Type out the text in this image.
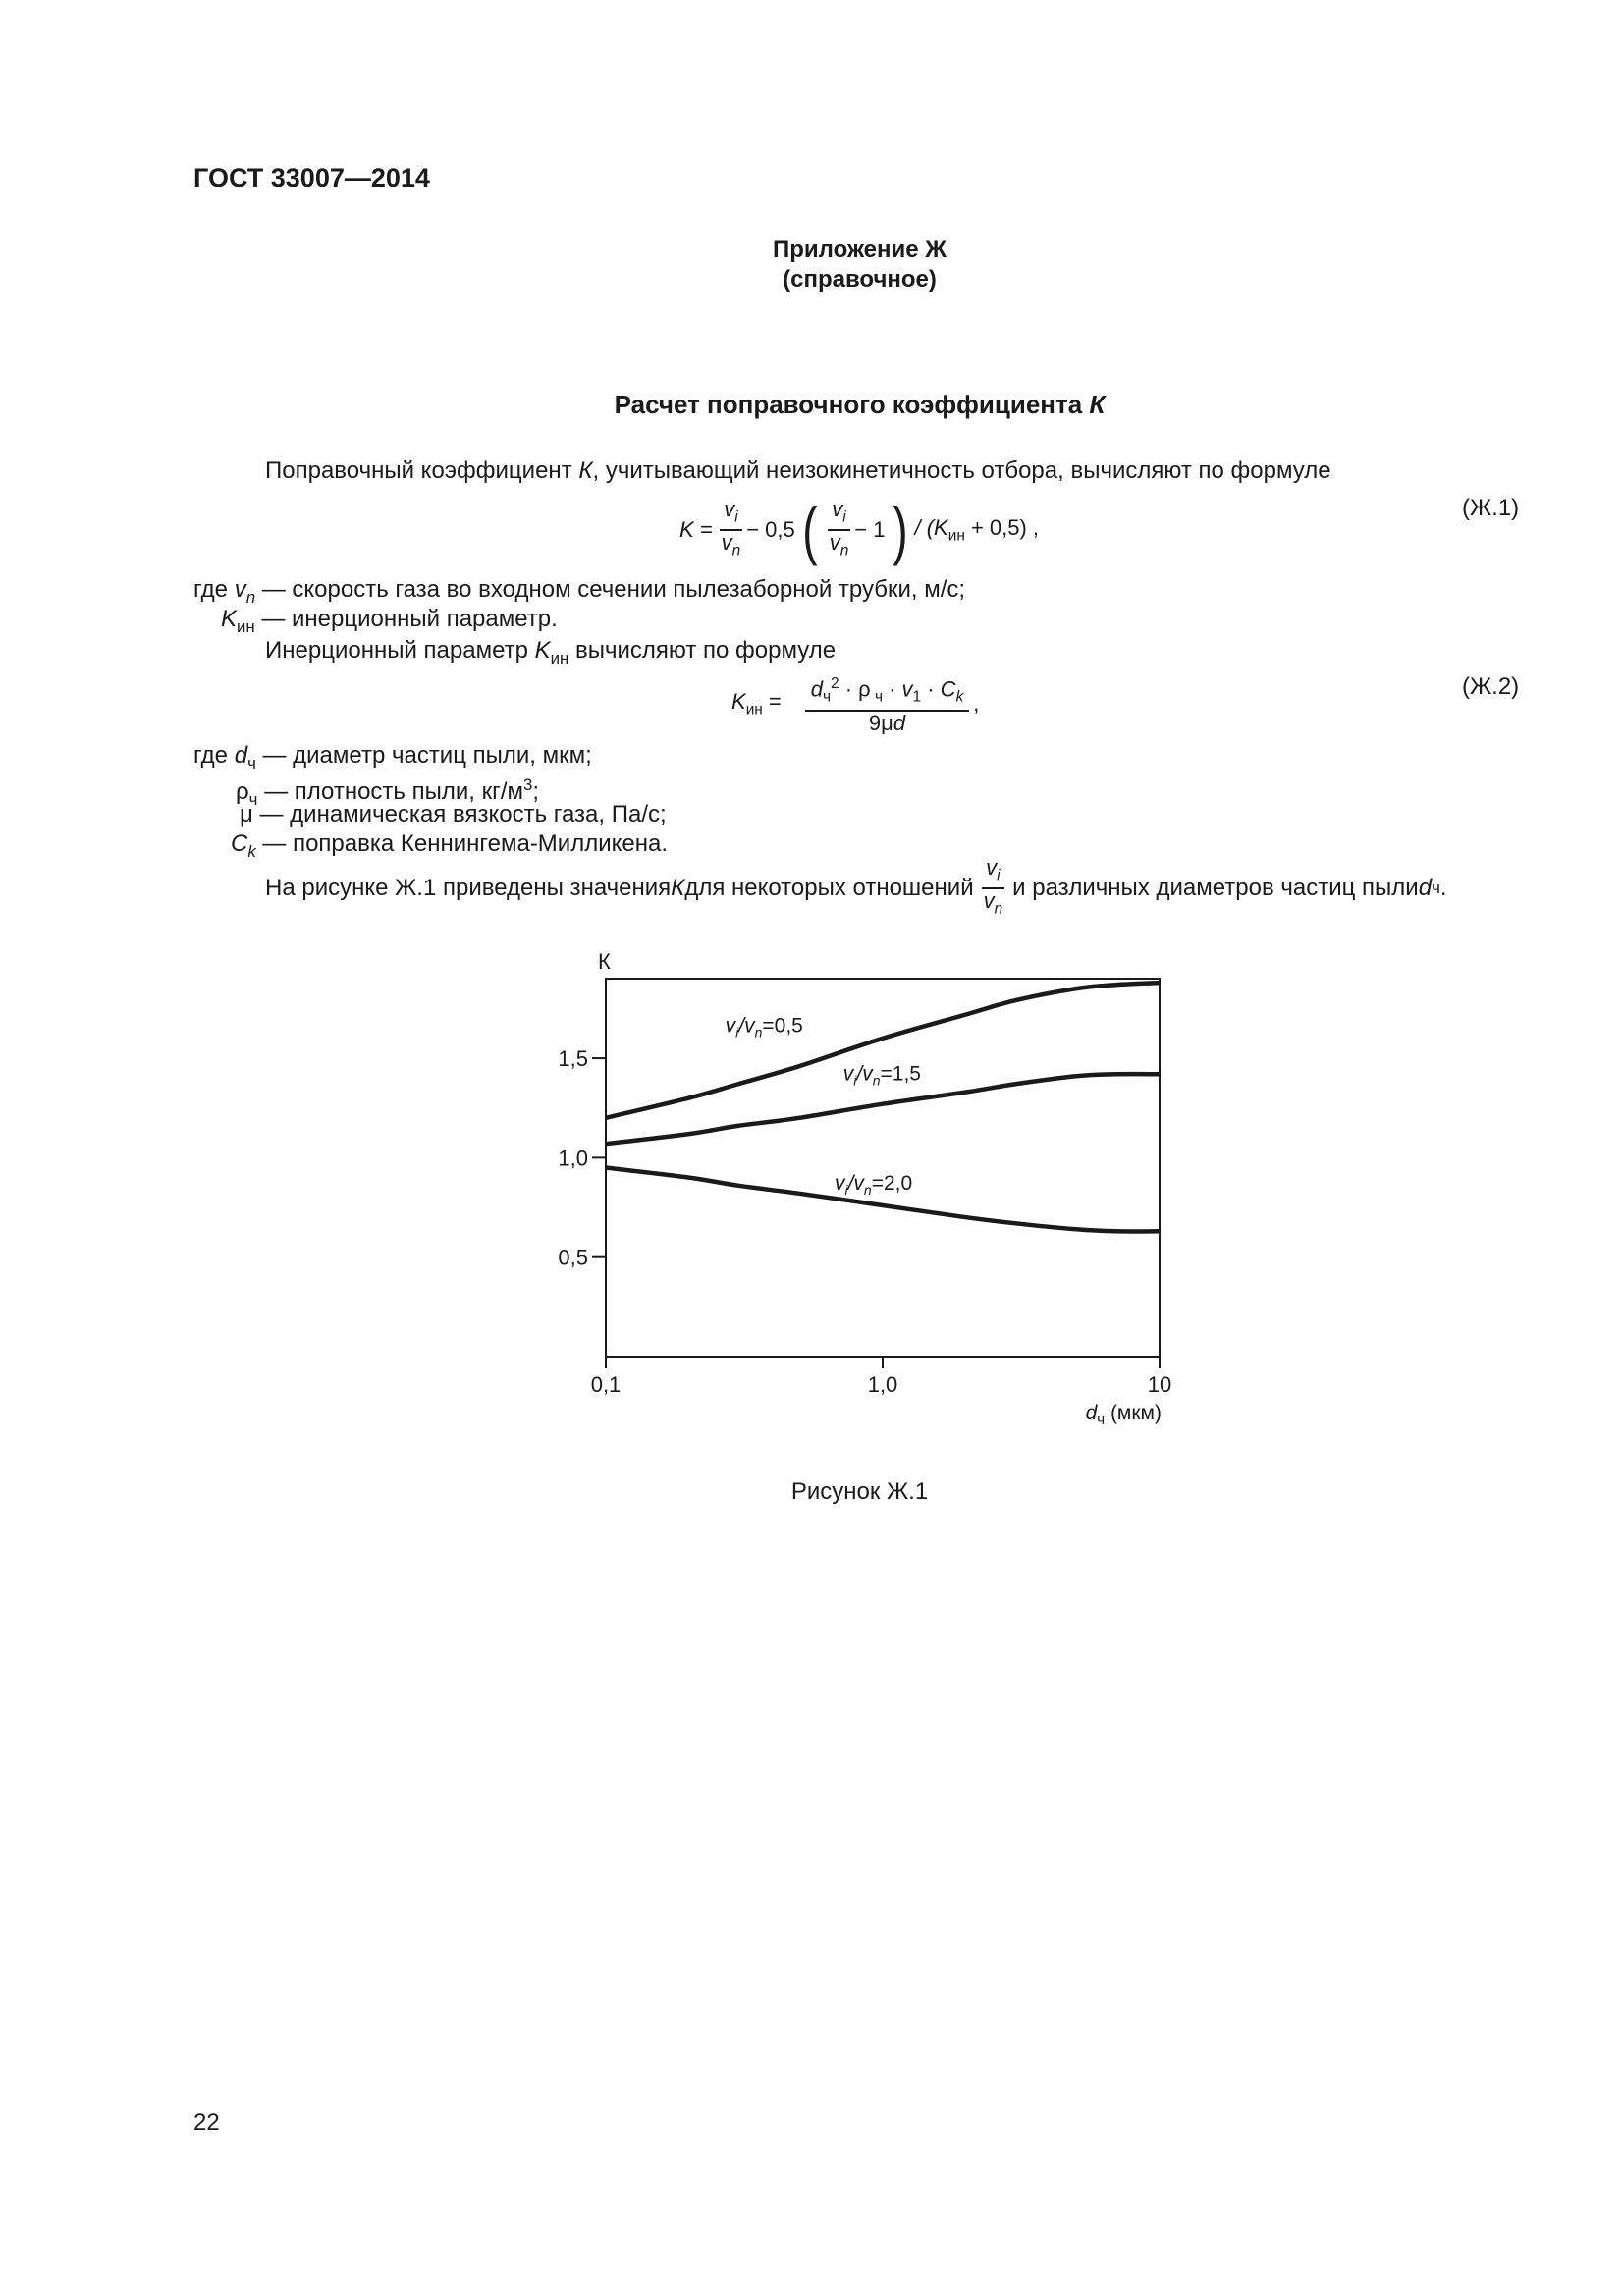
ГОСТ 33007—2014
Приложение Ж
(справочное)
Расчет поправочного коэффициента К
Поправочный коэффициент К, учитывающий неизокинетичность отбора, вычисляют по формуле
$K = \frac{v_i}{v_n} - 0,5$ ( $\frac{v_i}{v_n} - 1$ ) / $(K_{ин} + 0,5)$ ,
(Ж.1)
где $v_n$ — скорость газа во входном сечении пылезаборной трубки, м/с;
$K_{ин}$ — инерционный параметр.
Инерционный параметр $K_{ин}$ вычисляют по формуле
$K_{ин} = \frac{d_ч^2 \cdot \rho _ч \cdot v_1 \cdot C_k}{9\mu d}$ ,
(Ж.2)
где $d_ч$ — диаметр частиц пыли, мкм;
$\rho_ч$ — плотность пыли, $кг/м^3$;
μ — динамическая вязкость газа, Па/с;
$C_k$ — поправка Кеннингема-Милликена.
На рисунке Ж.1 приведены значения К для некоторых отношений $\frac{v_i}{v_n}$ и различных диаметров частиц пыли d ч .
0,5
1,0
1,5
0,1	1,0	10
К
$d_ч$ (мкм)
$v_i/v_n=0,5$
$v_i/v_n=1,5$
$v_i/v_n=2,0$
Рисунок Ж.1
22
